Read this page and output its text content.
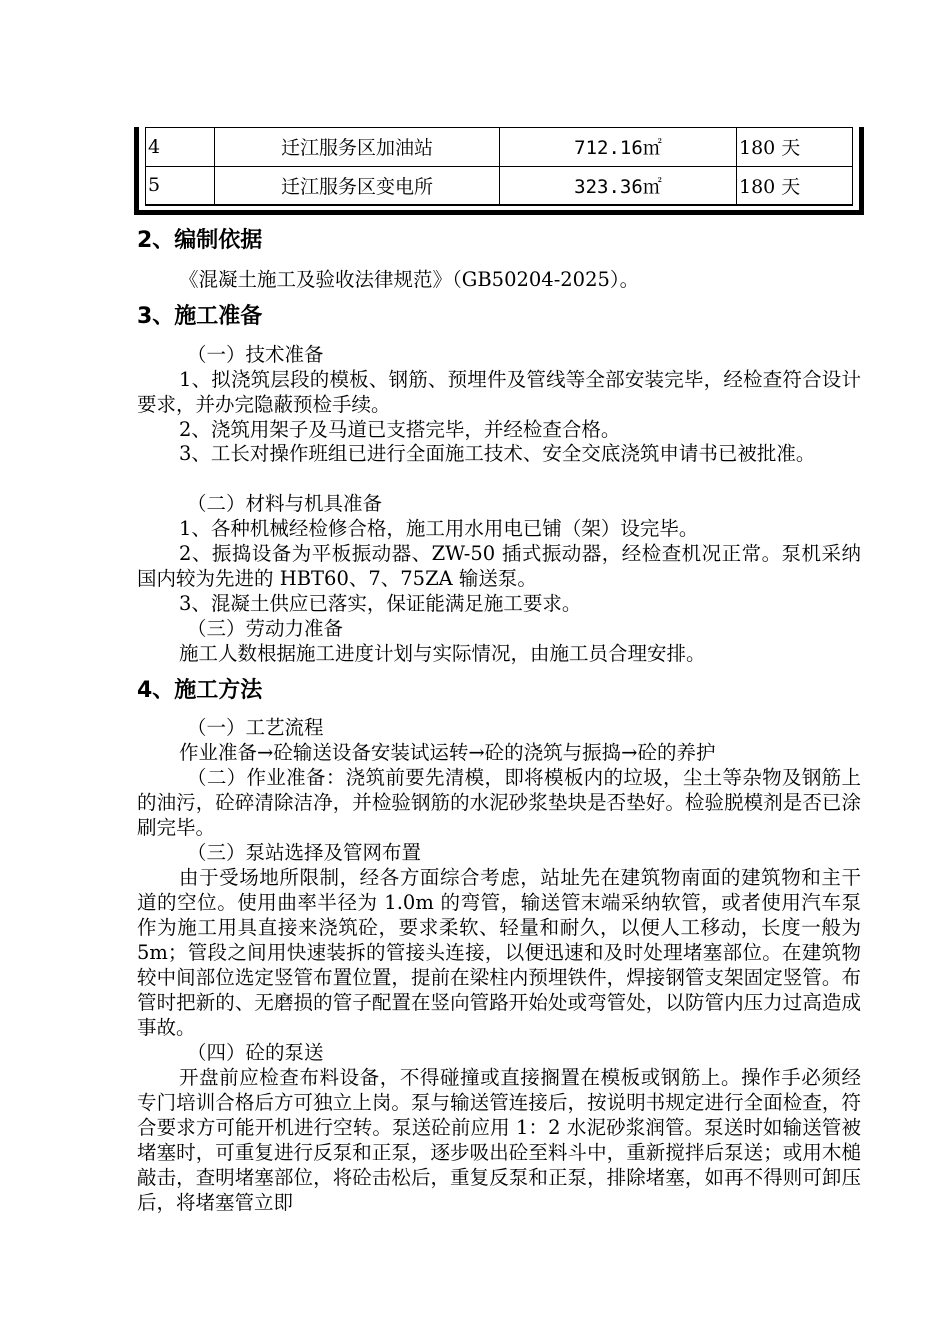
4	迁江服务区加油站	712.16㎡	180 天
5	迁江服务区变电所	323.36㎡	180 天
2、编制依据
《混凝土施工及验收法律规范》（GB50204-2025）。
3、施工准备
（一）技术准备
1、拟浇筑层段的模板、钢筋、预埋件及管线等全部安装完毕，经检查符合设计要求，并办完隐蔽预检手续。
2、浇筑用架子及马道已支搭完毕，并经检查合格。
3、工长对操作班组已进行全面施工技术、安全交底浇筑申请书已被批准。
（二）材料与机具准备
1、各种机械经检修合格，施工用水用电已铺（架）设完毕。
2、振捣设备为平板振动器、ZW-50 插式振动器，经检查机况正常。泵机采纳国内较为先进的 HBT60、7、75ZA 输送泵。
3、混凝土供应已落实，保证能满足施工要求。
（三）劳动力准备
施工人数根据施工进度计划与实际情况，由施工员合理安排。
4、施工方法
（一）工艺流程
作业准备→砼输送设备安装试运转→砼的浇筑与振捣→砼的养护
（二）作业准备：浇筑前要先清模，即将模板内的垃圾，尘土等杂物及钢筋上的油污，砼碎清除洁净，并检验钢筋的水泥砂浆垫块是否垫好。检验脱模剂是否已涂刷完毕。
（三）泵站选择及管网布置
由于受场地所限制，经各方面综合考虑，站址先在建筑物南面的建筑物和主干道的空位。使用曲率半径为 1.0m 的弯管，输送管末端采纳软管，或者使用汽车泵作为施工用具直接来浇筑砼，要求柔软、轻量和耐久，以便人工移动，长度一般为 5m；管段之间用快速装拆的管接头连接，以便迅速和及时处理堵塞部位。在建筑物较中间部位选定竖管布置位置，提前在梁柱内预埋铁件，焊接钢管支架固定竖管。布管时把新的、无磨损的管子配置在竖向管路开始处或弯管处，以防管内压力过高造成事故。
（四）砼的泵送
开盘前应检查布料设备，不得碰撞或直接搁置在模板或钢筋上。操作手必须经专门培训合格后方可独立上岗。泵与输送管连接后，按说明书规定进行全面检查，符合要求方可能开机进行空转。泵送砼前应用 1：2 水泥砂浆润管。泵送时如输送管被堵塞时，可重复进行反泵和正泵，逐步吸出砼至料斗中，重新搅拌后泵送；或用木槌敲击，查明堵塞部位，将砼击松后，重复反泵和正泵，排除堵塞，如再不得则可卸压后，将堵塞管立即
